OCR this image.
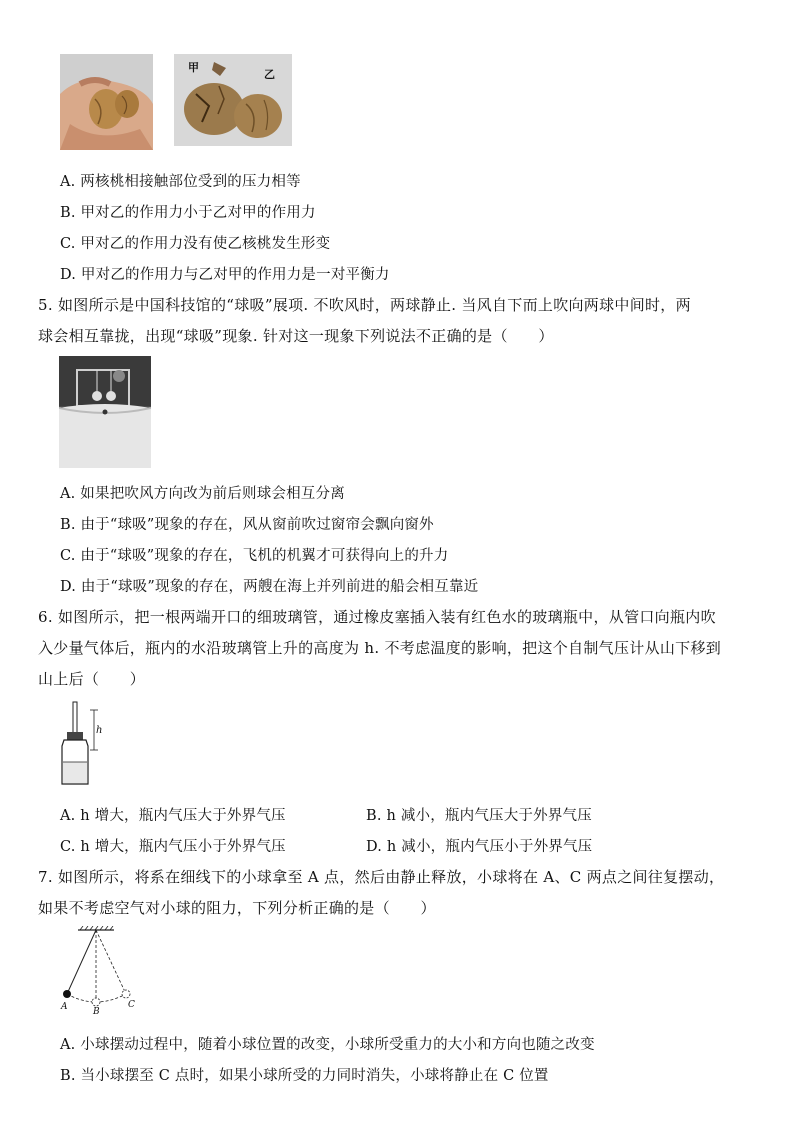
甲
乙
A. 两核桃相接触部位受到的压力相等
B. 甲对乙的作用力小于乙对甲的作用力
C. 甲对乙的作用力没有使乙核桃发生形变
D. 甲对乙的作用力与乙对甲的作用力是一对平衡力
5. 如图所示是中国科技馆的“球吸”展项. 不吹风时，两球静止. 当风自下而上吹向两球中间时，两
球会相互靠拢，出现“球吸”现象. 针对这一现象下列说法不正确的是（　　）
A. 如果把吹风方向改为前后则球会相互分离
B. 由于“球吸”现象的存在，风从窗前吹过窗帘会飘向窗外
C. 由于“球吸”现象的存在，飞机的机翼才可获得向上的升力
D. 由于“球吸”现象的存在，两艘在海上并列前进的船会相互靠近
6. 如图所示，把一根两端开口的细玻璃管，通过橡皮塞插入装有红色水的玻璃瓶中，从管口向瓶内吹
入少量气体后，瓶内的水沿玻璃管上升的高度为 h. 不考虑温度的影响，把这个自制气压计从山下移到
山上后（　　）
h
A. h 增大，瓶内气压大于外界气压	B. h 减小，瓶内气压大于外界气压
C. h 增大，瓶内气压小于外界气压	D. h 减小，瓶内气压小于外界气压
7. 如图所示，将系在细线下的小球拿至 A 点，然后由静止释放，小球将在 A、C 两点之间往复摆动，
如果不考虑空气对小球的阻力，下列分析正确的是（　　）
A	B
C
A. 小球摆动过程中，随着小球位置的改变，小球所受重力的大小和方向也随之改变
B. 当小球摆至 C 点时，如果小球所受的力同时消失，小球将静止在 C 位置
